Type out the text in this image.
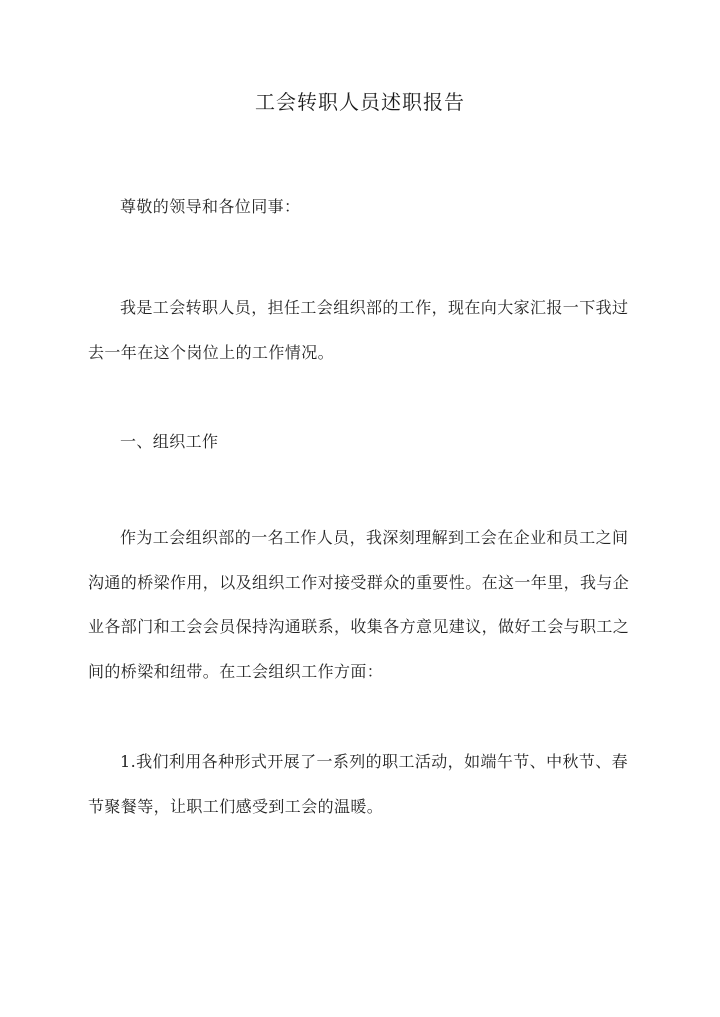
工会转职人员述职报告

尊敬的领导和各位同事：

我是工会转职人员，担任工会组织部的工作，现在向大家汇报一下我过去一年在这个岗位上的工作情况。

一、组织工作

作为工会组织部的一名工作人员，我深刻理解到工会在企业和员工之间沟通的桥梁作用，以及组织工作对接受群众的重要性。在这一年里，我与企业各部门和工会会员保持沟通联系，收集各方意见建议，做好工会与职工之间的桥梁和纽带。在工会组织工作方面：

1.我们利用各种形式开展了一系列的职工活动，如端午节、中秋节、春节聚餐等，让职工们感受到工会的温暖。
